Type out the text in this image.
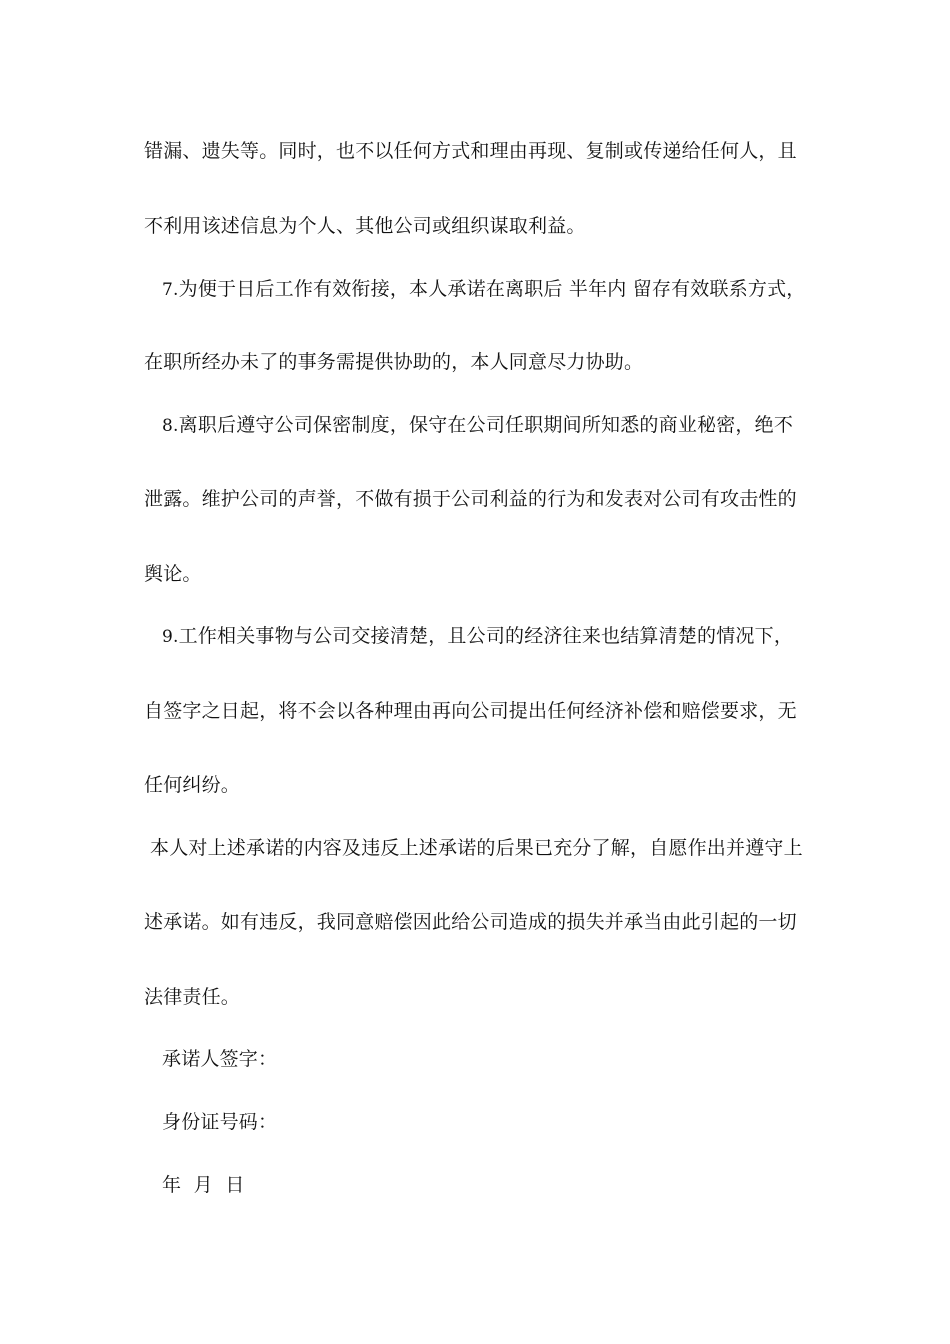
错漏、遗失等。同时，也不以任何方式和理由再现、复制或传递给任何人，且
不利用该述信息为个人、其他公司或组织谋取利益。
7.为便于日后工作有效衔接，本人承诺在离职后 半年内 留存有效联系方式，
在职所经办未了的事务需提供协助的，本人同意尽力协助。
8.离职后遵守公司保密制度，保守在公司任职期间所知悉的商业秘密，绝不
泄露。维护公司的声誉，不做有损于公司利益的行为和发表对公司有攻击性的
舆论。
9.工作相关事物与公司交接清楚，且公司的经济往来也结算清楚的情况下，
自签字之日起，将不会以各种理由再向公司提出任何经济补偿和赔偿要求，无
任何纠纷。
本人对上述承诺的内容及违反上述承诺的后果已充分了解，自愿作出并遵守上
述承诺。如有违反，我同意赔偿因此给公司造成的损失并承当由此引起的一切
法律责任。
承诺人签字：
身份证号码：
年  月  日
